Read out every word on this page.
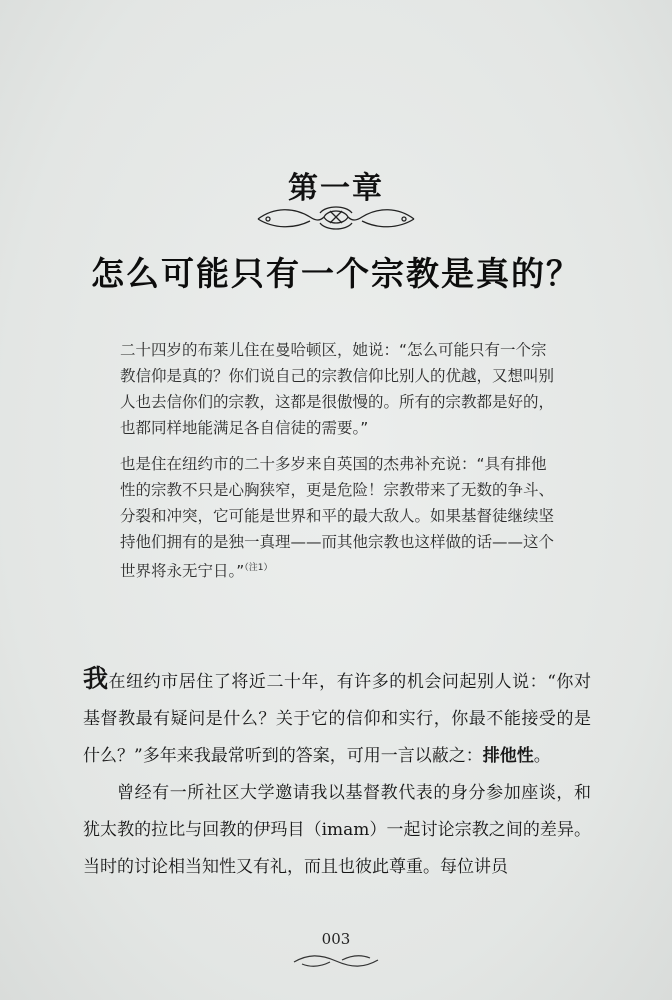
第一章
怎么可能只有一个宗教是真的？

二十四岁的布莱儿住在曼哈顿区，她说：“怎么可能只有一个宗教信仰是真的？你们说自己的宗教信仰比别人的优越，又想叫别人也去信你们的宗教，这都是很傲慢的。所有的宗教都是好的，也都同样地能满足各自信徒的需要。”

也是住在纽约市的二十多岁来自英国的杰弗补充说：“具有排他性的宗教不只是心胸狭窄，更是危险！宗教带来了无数的争斗、分裂和冲突，它可能是世界和平的最大敌人。如果基督徒继续坚持他们拥有的是独一真理——而其他宗教也这样做的话——这个世界将永无宁日。”$^{(注1)}$

我在纽约市居住了将近二十年，有许多的机会问起别人说：“你对基督教最有疑问是什么？关于它的信仰和实行，你最不能接受的是什么？”多年来我最常听到的答案，可用一言以蔽之：排他性。

曾经有一所社区大学邀请我以基督教代表的身分参加座谈，和犹太教的拉比与回教的伊玛目（imam）一起讨论宗教之间的差异。当时的讨论相当知性又有礼，而且也彼此尊重。每位讲员

003
